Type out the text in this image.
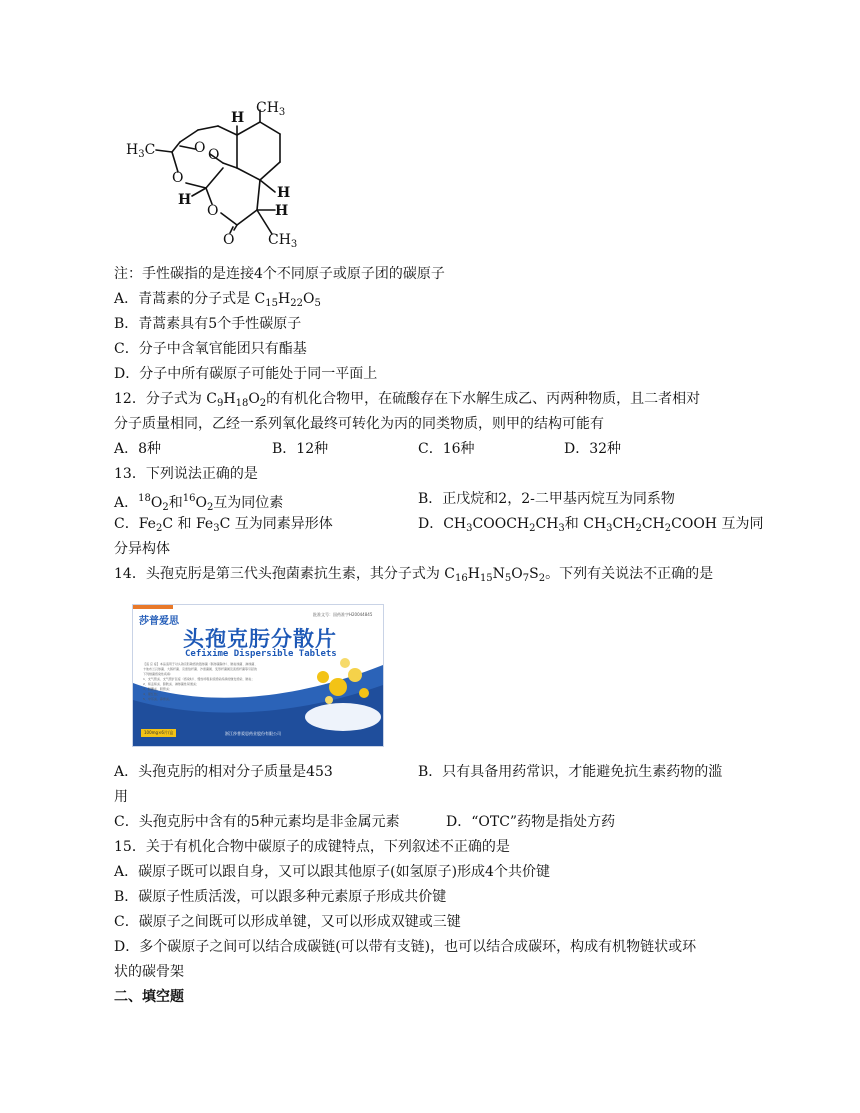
$CH_3$
H
$H_3C$	O O
O
H	H
H
O
O $CH_3$
注：手性碳指的是连接4个不同原子或原子团的碳原子
A．青蒿素的分子式是 $C_{15}H_{22}O_5$
B．青蒿素具有5个手性碳原子
C．分子中含氧官能团只有酯基
D．分子中所有碳原子可能处于同一平面上
12．分子式为 $C_9H_{18}O_2$的有机化合物甲，在硫酸存在下水解生成乙、丙两种物质，且二者相对
分子质量相同，乙经一系列氧化最终可转化为丙的同类物质，则甲的结构可能有
A．8种	B．12种	C．16种	D．32种
13．下列说法正确的是
A．$^{18}O_2$和$^{16}O_2$互为同位素	B．正戊烷和2，2-二甲基丙烷互为同系物
C．$Fe_2C$ 和 $Fe_3C$ 互为同素异形体	D．$CH_3COOCH_2CH_3$和 $CH_3CH_2CH_2COOH$ 互为同
分异构体
14．头孢克肟是第三代头孢菌素抗生素，其分子式为 $C_{16}H_{15}N_5O_7S_2$。下列有关说法不正确的是
莎普爱思
批准文号：国药准字H20044845
头孢克肟分散片
Cefixime Dispersible Tablets
【适 应 症】本品适用于对头孢克肟敏感的链球菌（肠球菌除外）、肺炎球菌、淋球菌、
卡他布兰汉球菌、大肠杆菌、克雷伯杆菌、沙雷菌属、变形杆菌属及流感杆菌等引起的
下列细菌感染性疾病：
1．支气管炎、支气管扩张症（感染时）、慢性呼吸系统感染疾病的继发感染、肺炎；
2．肾盂肾炎、膀胱炎、淋球菌性尿道炎；
3．胆囊炎、胆管炎；
4．猩红热；
5．中耳炎、鼻窦炎。
100mg×6片/盒	浙江莎普爱思药业股份有限公司
A．头孢克肟的相对分子质量是453	B．只有具备用药常识，才能避免抗生素药物的滥
用
C．头孢克肟中含有的5种元素均是非金属元素	D．“OTC”药物是指处方药
15．关于有机化合物中碳原子的成键特点，下列叙述不正确的是
A．碳原子既可以跟自身，又可以跟其他原子(如氢原子)形成4个共价键
B．碳原子性质活泼，可以跟多种元素原子形成共价键
C．碳原子之间既可以形成单键，又可以形成双键或三键
D．多个碳原子之间可以结合成碳链(可以带有支链)，也可以结合成碳环，构成有机物链状或环
状的碳骨架
二、填空题
